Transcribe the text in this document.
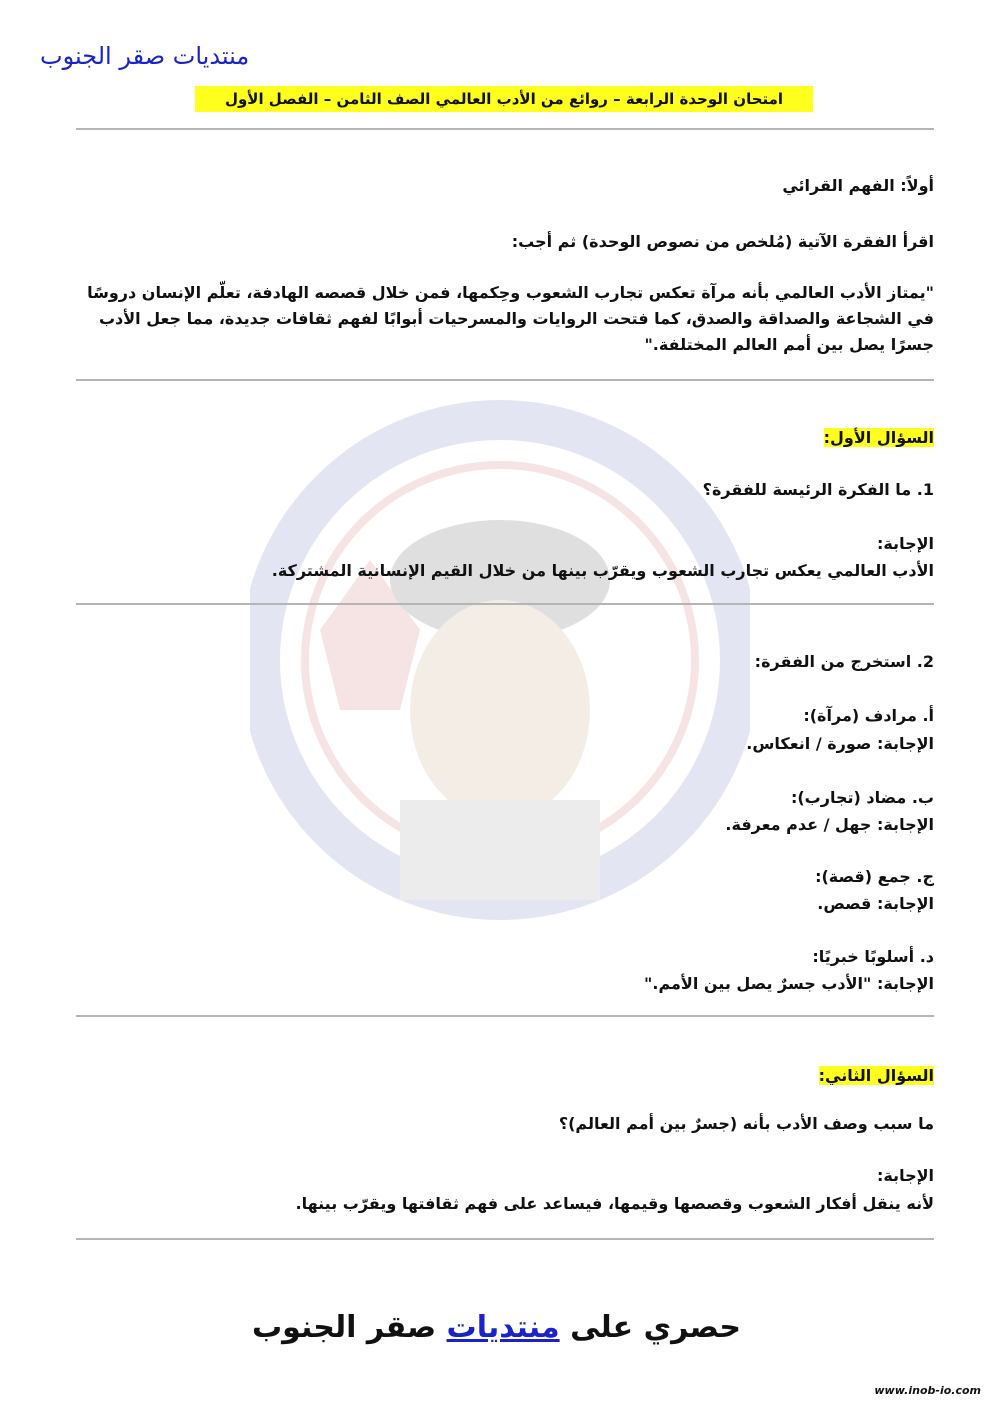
منتديات صقر الجنوب
امتحان الوحدة الرابعة – روائع من الأدب العالمي الصف الثامن – الفصل الأول
أولاً: الفهم القرائي
اقرأ الفقرة الآتية (مُلخص من نصوص الوحدة) ثم أجب:
"يمتاز الأدب العالمي بأنه مرآة تعكس تجارب الشعوب وحِكمها، فمن خلال قصصه الهادفة، تعلّم الإنسان دروسًا في الشجاعة والصداقة والصدق، كما فتحت الروايات والمسرحيات أبوابًا لفهم ثقافات جديدة، مما جعل الأدب جسرًا يصل بين أمم العالم المختلفة."
السؤال الأول:
1. ما الفكرة الرئيسة للفقرة؟
الإجابة:
الأدب العالمي يعكس تجارب الشعوب ويقرّب بينها من خلال القيم الإنسانية المشتركة.
2. استخرج من الفقرة:
أ. مرادف (مرآة):
الإجابة: صورة / انعكاس.
ب. مضاد (تجارب):
الإجابة: جهل / عدم معرفة.
ج. جمع (قصة):
الإجابة: قصص.
د. أسلوبًا خبريًا:
الإجابة: "الأدب جسرٌ يصل بين الأمم."
السؤال الثاني:
ما سبب وصف الأدب بأنه (جسرٌ بين أمم العالم)؟
الإجابة:
لأنه ينقل أفكار الشعوب وقصصها وقيمها، فيساعد على فهم ثقافتها ويقرّب بينها.
حصري على منتديات صقر الجنوب
www.inob-io.com
